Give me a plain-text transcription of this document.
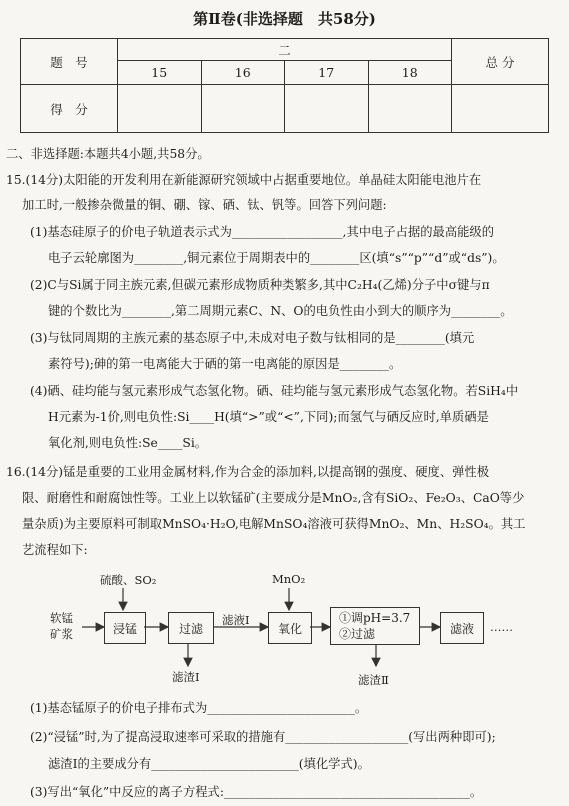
第Ⅱ卷(非选择题　共58分)
题　号	二				总 分
	15	16	17	18	
得　分					
二、非选择题:本题共4小题,共58分。
15.(14分)太阳能的开发利用在新能源研究领域中占据重要地位。单晶硅太阳能电池片在
加工时,一般掺杂微量的铜、硼、镓、硒、钛、钒等。回答下列问题:
(1)基态硅原子的价电子轨道表示式为__________________,其中电子占据的最高能级的
电子云轮廓图为________,铜元素位于周期表中的________区(填“s”“p”“d”或“ds”)。
(2)C与Si属于同主族元素,但碳元素形成物质种类繁多,其中C₂H₄(乙烯)分子中σ键与π
键的个数比为________,第二周期元素C、N、O的电负性由小到大的顺序为________。
(3)与钛同周期的主族元素的基态原子中,未成对电子数与钛相同的是________(填元
素符号);砷的第一电离能大于硒的第一电离能的原因是________。
(4)硒、硅均能与氢元素形成气态氢化物。硒、硅均能与氢元素形成气态氢化物。若SiH₄中
H元素为-1价,则电负性:Si____H(填“>”或“<”,下同);而氢气与硒反应时,单质硒是
氧化剂,则电负性:Se____Si。
16.(14分)锰是重要的工业用金属材料,作为合金的添加料,以提高钢的强度、硬度、弹性极
限、耐磨性和耐腐蚀性等。工业上以软锰矿(主要成分是MnO₂,含有SiO₂、Fe₂O₃、CaO等少
量杂质)为主要原料可制取MnSO₄·H₂O,电解MnSO₄溶液可获得MnO₂、Mn、H₂SO₄。其工
艺流程如下:
软锰
矿浆
硫酸、SO₂
浸锰	过滤
滤液Ⅰ
滤渣Ⅰ
MnO₂
氧化
①调pH=3.7
②过滤
滤渣Ⅱ
滤液	……
(1)基态锰原子的价电子排布式为________________________。
(2)“浸锰”时,为了提高浸取速率可采取的措施有____________________(写出两种即可);
滤渣Ⅰ的主要成分有________________________(填化学式)。
(3)写出“氧化”中反应的离子方程式:________________________________________。
